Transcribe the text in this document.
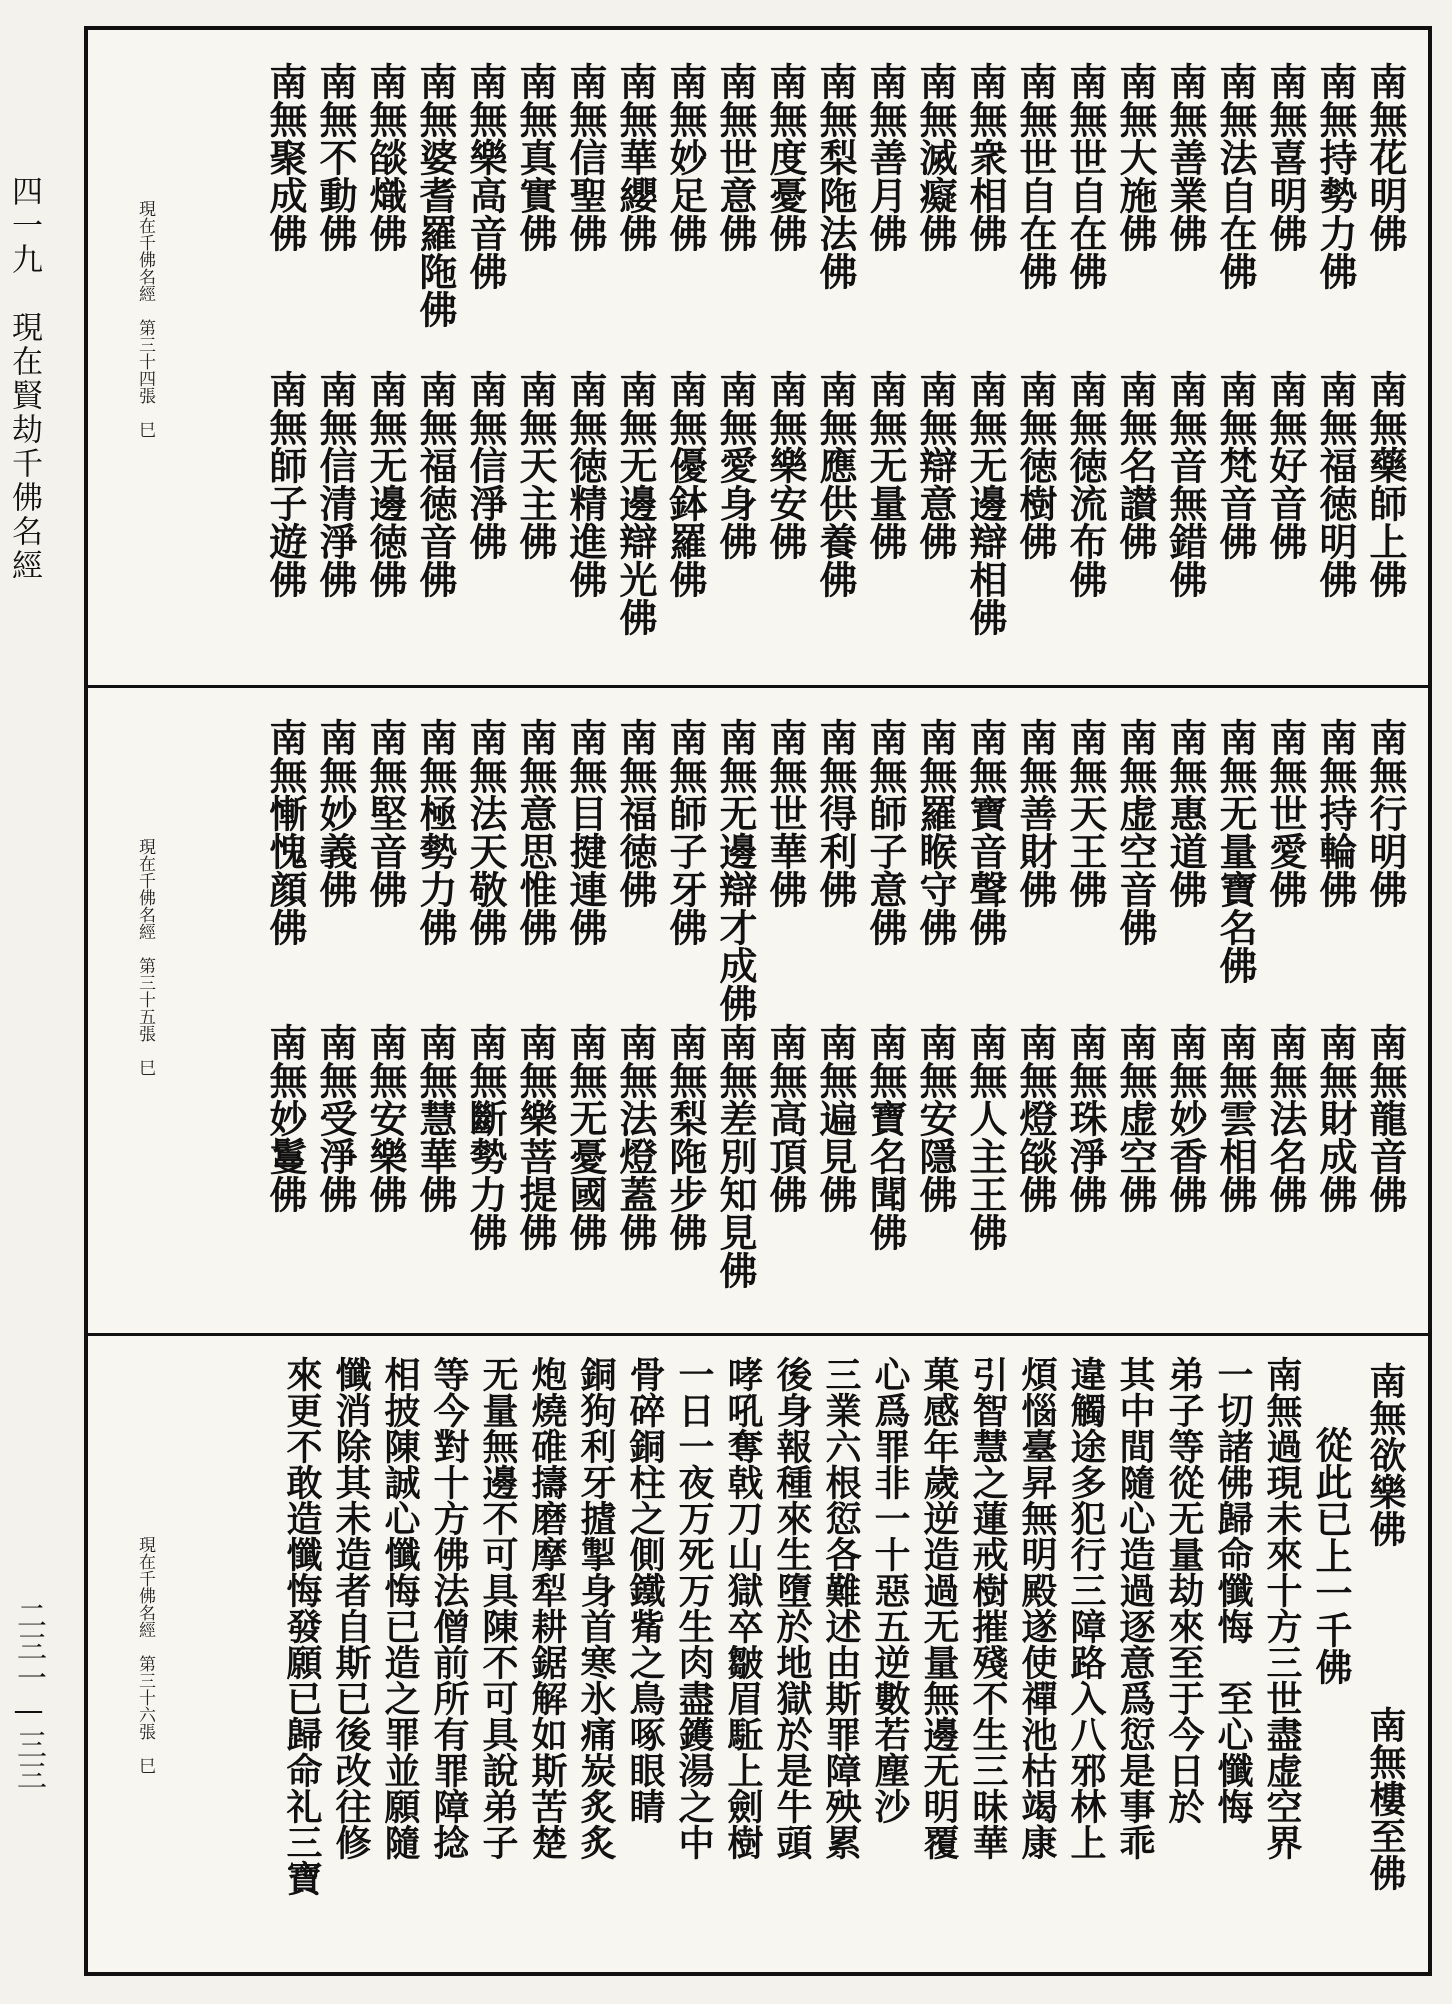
四一九　現在賢劫千佛名經
二三一—三三
南無花明佛
南無持勢力佛
南無喜明佛
南無法自在佛
南無善業佛
南無大施佛
南無世自在佛
南無世自在佛
南無衆相佛
南無滅癡佛
南無善月佛
南無梨陁法佛
南無度憂佛
南無世意佛
南無妙足佛
南無華纓佛
南無信聖佛
南無真實佛
南無樂高音佛
南無婆耆羅陁佛
南無燄熾佛
南無不動佛
南無聚成佛
南無藥師上佛
南無福徳明佛
南無好音佛
南無梵音佛
南無音無錯佛
南無名讃佛
南無徳流布佛
南無徳樹佛
南無无邊辯相佛
南無辯意佛
南無无量佛
南無應供養佛
南無樂安佛
南無愛身佛
南無優鉢羅佛
南無无邊辯光佛
南無徳精進佛
南無天主佛
南無信淨佛
南無福徳音佛
南無无邊徳佛
南無信清淨佛
南無師子遊佛
現在千佛名經　第三十四張　巳
南無行明佛
南無持輪佛
南無世愛佛
南無无量寶名佛
南無惠道佛
南無虚空音佛
南無天王佛
南無善財佛
南無寶音聲佛
南無羅睺守佛
南無師子意佛
南無得利佛
南無世華佛
南無无邊辯才成佛
南無師子牙佛
南無福徳佛
南無目揵連佛
南無意思惟佛
南無法天敬佛
南無極勢力佛
南無堅音佛
南無妙義佛
南無慚愧顔佛
南無龍音佛
南無財成佛
南無法名佛
南無雲相佛
南無妙香佛
南無虚空佛
南無珠淨佛
南無燈燄佛
南無人主王佛
南無安隱佛
南無寶名聞佛
南無遍見佛
南無高頂佛
南無差別知見佛
南無梨陁步佛
南無法燈蓋佛
南無无憂國佛
南無樂菩提佛
南無斷勢力佛
南無慧華佛
南無安樂佛
南無受淨佛
南無妙鬘佛
現在千佛名經　第三十五張　巳
南無欲樂佛
南無樓至佛
從此已上一千佛
南無過現未來十方三世盡虚空界
一切諸佛歸命懺悔　至心懺悔
弟子等從无量劫來至于今日於
其中間隨心造過逐意爲愆是事乖
違觸途多犯行三障路入八邪林上
煩惱臺昇無明殿遂使禪池枯竭康
引智慧之蓮戒樹摧殘不生三昧華
菓感年歲逆造過无量無邊无明覆
心爲罪非一十惡五逆數若塵沙
三業六根愆各難述由斯罪障殃累
後身報種來生墮於地獄於是牛頭
哮吼奪戟刀山獄卒皺眉駈上劍樹
一日一夜万死万生肉盡鑊湯之中
骨碎銅柱之側鐵觜之鳥啄眼睛
銅狗利牙摣掣身首寒氷痛炭炙炙
炮燒碓擣磨摩犁耕鋸解如斯苦楚
无量無邊不可具陳不可具說弟子
等今對十方佛法僧前所有罪障捻
相披陳誠心懺悔已造之罪並願隨
懺消除其未造者自斯已後改往修
來更不敢造懺悔發願已歸命礼三寶
現在千佛名經　第三十六張　巳
